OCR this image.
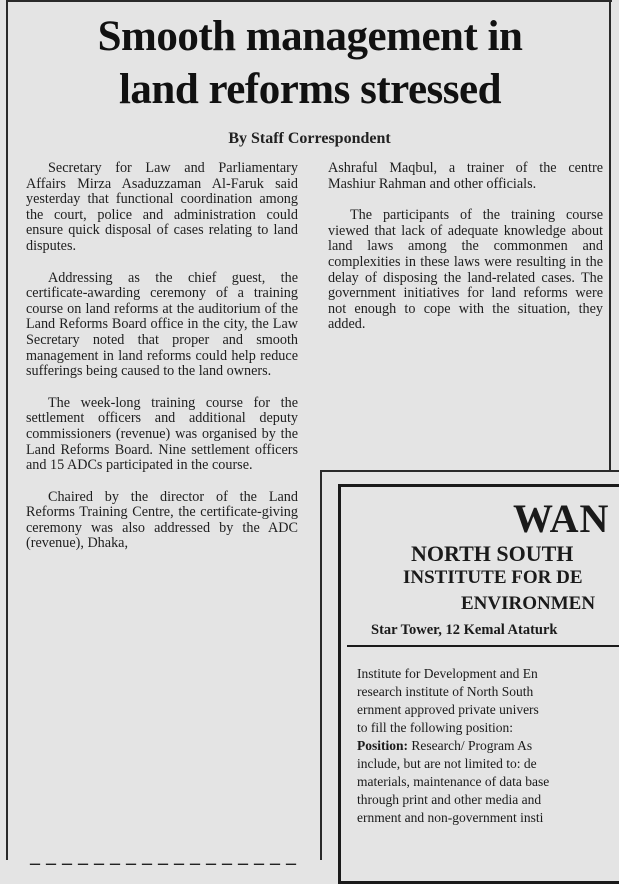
Smooth management in
land reforms stressed
By Staff Correspondent

Secretary for Law and Parliamentary Affairs Mirza Asaduzzaman Al-Faruk said yesterday that functional coordination among the court, police and administration could ensure quick disposal of cases relating to land disputes.

Addressing as the chief guest, the certificate-awarding ceremony of a training course on land reforms at the auditorium of the Land Reforms Board office in the city, the Law Secretary noted that proper and smooth management in land reforms could help reduce sufferings being caused to the land owners.

The week-long training course for the settlement officers and additional deputy commissioners (revenue) was organised by the Land Reforms Board. Nine settlement officers and 15 ADCs participated in the course.

Chaired by the director of the Land Reforms Training Centre, the certificate-giving ceremony was also addressed by the ADC (revenue), Dhaka,

Ashraful Maqbul, a trainer of the centre Mashiur Rahman and other officials.

The participants of the training course viewed that lack of adequate knowledge about land laws among the commonmen and complexities in these laws were resulting in the delay of disposing the land-related cases. The government initiatives for land reforms were not enough to cope with the situation, they added.

WAN
NORTH SOUTH
INSTITUTE FOR DE
ENVIRONMEN
Star Tower, 12 Kemal Ataturk
Institute for Development and En
research institute of North South
ernment approved private univers
to fill the following position:
Position: Research/ Program As
include, but are not limited to: de
materials, maintenance of data base
through print and other media and
ernment and non-government insti
‒‒‒‒‒‒‒‒‒‒‒‒‒‒‒‒‒
